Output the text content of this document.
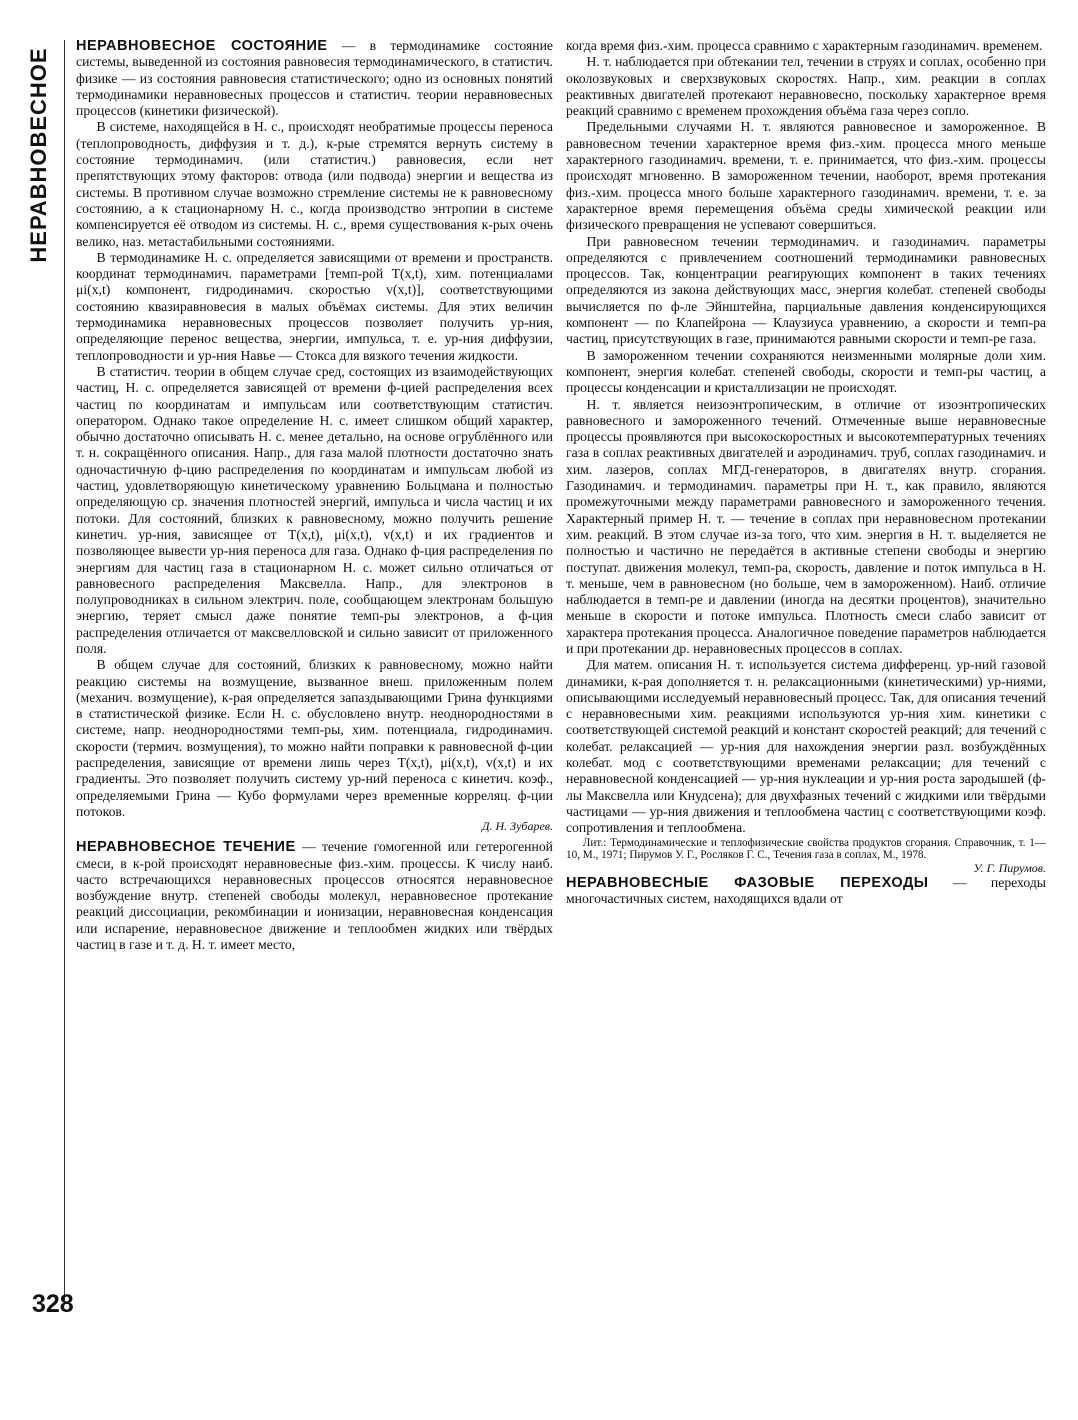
НЕРАВНОВЕСНОЕ

НЕРАВНОВЕСНОЕ СОСТОЯНИЕ — в термодинамике состояние системы, выведенной из состояния равновесия термодинамического, в статистич. физике — из состояния равновесия статистического; одно из основных понятий термодинамики неравновесных процессов и статистич. теории неравновесных процессов (кинетики физической).

В системе, находящейся в Н. с., происходят необратимые процессы переноса (теплопроводность, диффузия и т. д.), к-рые стремятся вернуть систему в состояние термодинамич. (или статистич.) равновесия, если нет препятствующих этому факторов: отвода (или подвода) энергии и вещества из системы. В противном случае возможно стремление системы не к равновесному состоянию, а к стационарному Н. с., когда производство энтропии в системе компенсируется её отводом из системы. Н. с., время существования к-рых очень велико, наз. метастабильными состояниями.

В термодинамике Н. с. определяется зависящими от времени и пространств. координат термодинамич. параметрами [темп-рой T(x,t), хим. потенциалами μi(x,t) компонент, гидродинамич. скоростью v(x,t)], соответствующими состоянию квазиравновесия в малых объёмах системы. Для этих величин термодинамика неравновесных процессов позволяет получить ур-ния, определяющие перенос вещества, энергии, импульса, т. е. ур-ния диффузии, теплопроводности и ур-ния Навье — Стокса для вязкого течения жидкости.

В статистич. теории в общем случае сред, состоящих из взаимодействующих частиц, Н. с. определяется зависящей от времени ф-цией распределения всех частиц по координатам и импульсам или соответствующим статистич. оператором. Однако такое определение Н. с. имеет слишком общий характер, обычно достаточно описывать Н. с. менее детально, на основе огрублённого или т. н. сокращённого описания. Напр., для газа малой плотности достаточно знать одночастичную ф-цию распределения по координатам и импульсам любой из частиц, удовлетворяющую кинетическому уравнению Больцмана и полностью определяющую ср. значения плотностей энергий, импульса и числа частиц и их потоки. Для состояний, близких к равновесному, можно получить решение кинетич. ур-ния, зависящее от T(x,t), μi(x,t), v(x,t) и их градиентов и позволяющее вывести ур-ния переноса для газа. Однако ф-ция распределения по энергиям для частиц газа в стационарном Н. с. может сильно отличаться от равновесного распределения Максвелла. Напр., для электронов в полупроводниках в сильном электрич. поле, сообщающем электронам большую энергию, теряет смысл даже понятие темп-ры электронов, а ф-ция распределения отличается от максвелловской и сильно зависит от приложенного поля.

В общем случае для состояний, близких к равновесному, можно найти реакцию системы на возмущение, вызванное внеш. приложенным полем (механич. возмущение), к-рая определяется запаздывающими Грина функциями в статистической физике. Если Н. с. обусловлено внутр. неоднородностями в системе, напр. неоднородностями темп-ры, хим. потенциала, гидродинамич. скорости (термич. возмущения), то можно найти поправки к равновесной ф-ции распределения, зависящие от времени лишь через T(x,t), μi(x,t), v(x,t) и их градиенты. Это позволяет получить систему ур-ний переноса с кинетич. коэф., определяемыми Грина — Кубо формулами через временные корреляц. ф-ции потоков.

Д. Н. Зубарев.

НЕРАВНОВЕСНОЕ ТЕЧЕНИЕ — течение гомогенной или гетерогенной смеси, в к-рой происходят неравновесные физ.-хим. процессы. К числу наиб. часто встречающихся неравновесных процессов относятся неравновесное возбуждение внутр. степеней свободы молекул, неравновесное протекание реакций диссоциации, рекомбинации и ионизации, неравновесная конденсация или испарение, неравновесное движение и теплообмен жидких или твёрдых частиц в газе и т. д. Н. т. имеет место,

когда время физ.-хим. процесса сравнимо с характерным газодинамич. временем.

Н. т. наблюдается при обтекании тел, течении в струях и соплах, особенно при околозвуковых и сверхзвуковых скоростях. Напр., хим. реакции в соплах реактивных двигателей протекают неравновесно, поскольку характерное время реакций сравнимо с временем прохождения объёма газа через сопло.

Предельными случаями Н. т. являются равновесное и замороженное. В равновесном течении характерное время физ.-хим. процесса много меньше характерного газодинамич. времени, т. е. принимается, что физ.-хим. процессы происходят мгновенно. В замороженном течении, наоборот, время протекания физ.-хим. процесса много больше характерного газодинамич. времени, т. е. за характерное время перемещения объёма среды химической реакции или физического превращения не успевают совершиться.

При равновесном течении термодинамич. и газодинамич. параметры определяются с привлечением соотношений термодинамики равновесных процессов. Так, концентрации реагирующих компонент в таких течениях определяются из закона действующих масс, энергия колебат. степеней свободы вычисляется по ф-ле Эйнштейна, парциальные давления конденсирующихся компонент — по Клапейрона — Клаузиуса уравнению, а скорости и темп-ра частиц, присутствующих в газе, принимаются равными скорости и темп-ре газа.

В замороженном течении сохраняются неизменными молярные доли хим. компонент, энергия колебат. степеней свободы, скорости и темп-ры частиц, а процессы конденсации и кристаллизации не происходят.

Н. т. является неизоэнтропическим, в отличие от изоэнтропических равновесного и замороженного течений. Отмеченные выше неравновесные процессы проявляются при высокоскоростных и высокотемпературных течениях газа в соплах реактивных двигателей и аэродинамич. труб, соплах газодинамич. и хим. лазеров, соплах МГД-генераторов, в двигателях внутр. сгорания. Газодинамич. и термодинамич. параметры при Н. т., как правило, являются промежуточными между параметрами равновесного и замороженного течения. Характерный пример Н. т. — течение в соплах при неравновесном протекании хим. реакций. В этом случае из-за того, что хим. энергия в Н. т. выделяется не полностью и частично не передаётся в активные степени свободы и энергию поступат. движения молекул, темп-ра, скорость, давление и поток импульса в Н. т. меньше, чем в равновесном (но больше, чем в замороженном). Наиб. отличие наблюдается в темп-ре и давлении (иногда на десятки процентов), значительно меньше в скорости и потоке импульса. Плотность смеси слабо зависит от характера протекания процесса. Аналогичное поведение параметров наблюдается и при протекании др. неравновесных процессов в соплах.

Для матем. описания Н. т. используется система дифференц. ур-ний газовой динамики, к-рая дополняется т. н. релаксационными (кинетическими) ур-ниями, описывающими исследуемый неравновесный процесс. Так, для описания течений с неравновесными хим. реакциями используются ур-ния хим. кинетики с соответствующей системой реакций и констант скоростей реакций; для течений с колебат. релаксацией — ур-ния для нахождения энергии разл. возбуждённых колебат. мод с соответствующими временами релаксации; для течений с неравновесной конденсацией — ур-ния нуклеации и ур-ния роста зародышей (ф-лы Максвелла или Кнудсена); для двухфазных течений с жидкими или твёрдыми частицами — ур-ния движения и теплообмена частиц с соответствующими коэф. сопротивления и теплообмена.

Лит.: Термодинамические и теплофизические свойства продуктов сгорания. Справочник, т. 1—10, М., 1971; Пирумов У. Г., Росляков Г. С., Течения газа в соплах, М., 1978.

У. Г. Пирумов.

НЕРАВНОВЕСНЫЕ ФАЗОВЫЕ ПЕРЕХОДЫ — переходы многочастичных систем, находящихся вдали от

328
